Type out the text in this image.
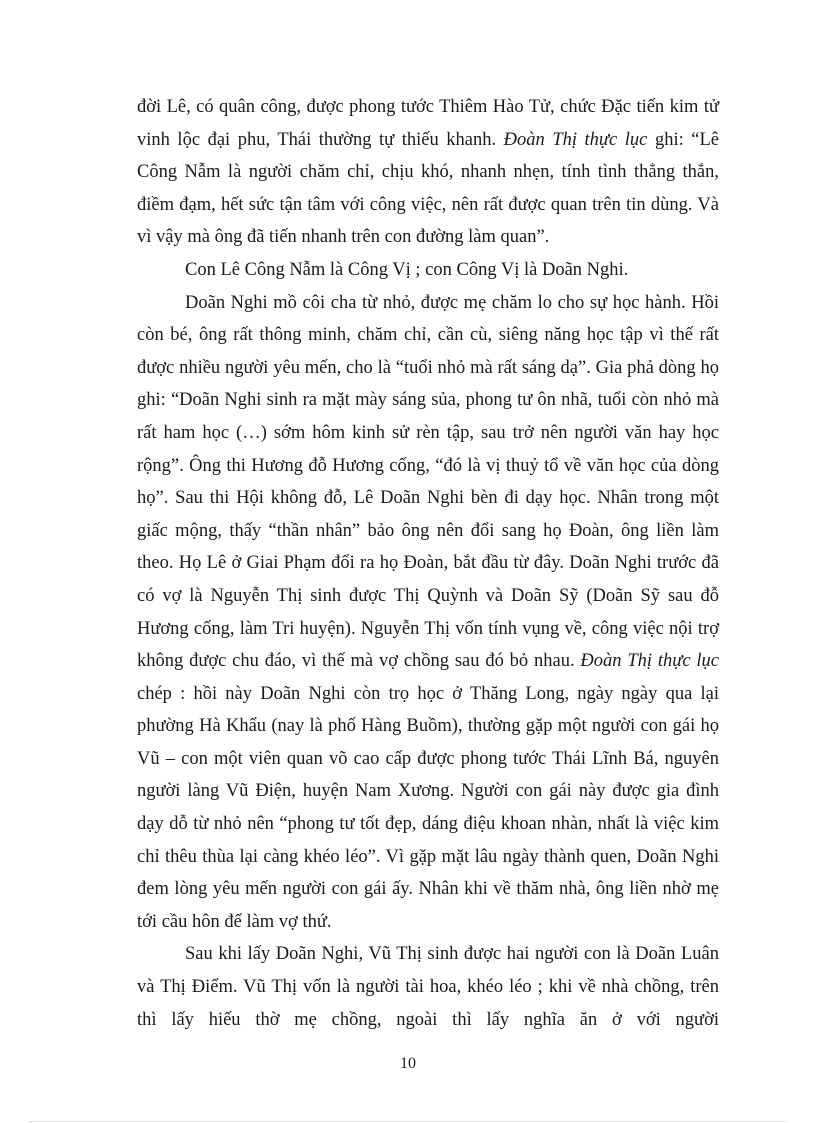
đời Lê, có quân công, được phong tước Thiêm Hào Tử, chức Đặc tiến kim tử vinh lộc đại phu, Thái thường tự thiếu khanh. Đoàn Thị thực lục ghi: “Lê Công Nẫm là người chăm chỉ, chịu khó, nhanh nhẹn, tính tình thẳng thắn, điềm đạm, hết sức tận tâm với công việc, nên rất được quan trên tin dùng. Và vì vậy mà ông đã tiến nhanh trên con đường làm quan”.

Con Lê Công Nẫm là Công Vị ; con Công Vị là Doãn Nghi.

Doãn Nghi mồ côi cha từ nhỏ, được mẹ chăm lo cho sự học hành. Hồi còn bé, ông rất thông minh, chăm chỉ, cần cù, siêng năng học tập vì thế rất được nhiều người yêu mến, cho là “tuổi nhỏ mà rất sáng dạ”. Gia phả dòng họ ghi: “Doãn Nghi sinh ra mặt mày sáng sủa, phong tư ôn nhã, tuổi còn nhỏ mà rất ham học (…) sớm hôm kinh sử rèn tập, sau trở nên người văn hay học rộng”. Ông thi Hương đỗ Hương cống, “đó là vị thuỷ tổ về văn học của dòng họ”. Sau thi Hội không đỗ, Lê Doãn Nghi bèn đi dạy học. Nhân trong một giấc mộng, thấy “thần nhân” bảo ông nên đổi sang họ Đoàn, ông liền làm theo. Họ Lê ở Giai Phạm đổi ra họ Đoàn, bắt đầu từ đây. Doãn Nghi trước đã có vợ là Nguyễn Thị sinh được Thị Quỳnh và Doãn Sỹ (Doãn Sỹ sau đỗ Hương cống, làm Tri huyện). Nguyễn Thị vốn tính vụng về, công việc nội trợ không được chu đáo, vì thế mà vợ chồng sau đó bỏ nhau. Đoàn Thị thực lục chép : hồi này Doãn Nghi còn trọ học ở Thăng Long, ngày ngày qua lại phường Hà Khẩu (nay là phố Hàng Buồm), thường gặp một người con gái họ Vũ – con một viên quan võ cao cấp được phong tước Thái Lĩnh Bá, nguyên người làng Vũ Điện, huyện Nam Xương. Người con gái này được gia đình dạy dỗ từ nhỏ nên “phong tư tốt đẹp, dáng điệu khoan nhàn, nhất là việc kim chỉ thêu thùa lại càng khéo léo”. Vì gặp mặt lâu ngày thành quen, Doãn Nghi đem lòng yêu mến người con gái ấy. Nhân khi về thăm nhà, ông liền nhờ mẹ tới cầu hôn để làm vợ thứ.

Sau khi lấy Doãn Nghi, Vũ Thị sinh được hai người con là Doãn Luân và Thị Điểm. Vũ Thị vốn là người tài hoa, khéo léo ; khi về nhà chồng, trên thì lấy hiếu thờ mẹ chồng, ngoài thì lấy nghĩa ăn ở với người

10
